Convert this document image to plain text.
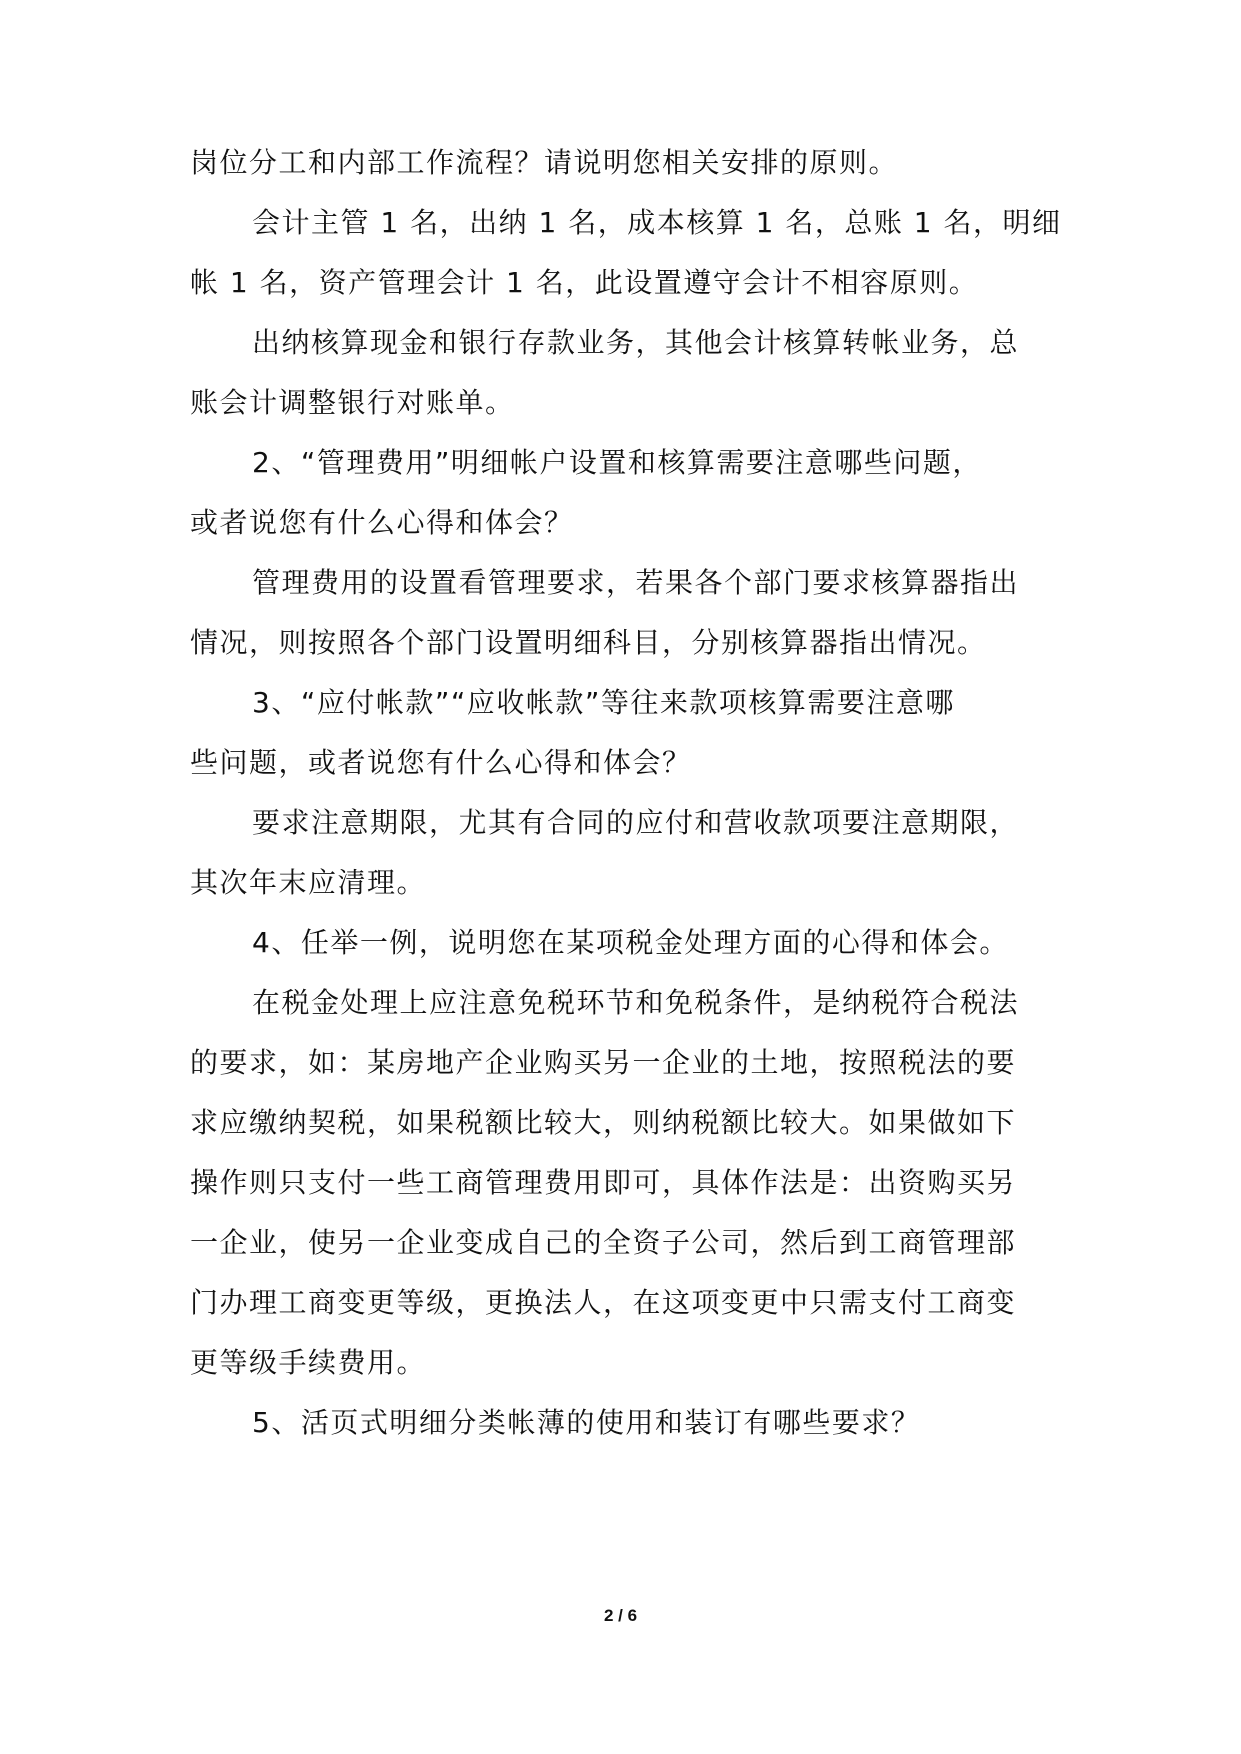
岗位分工和内部工作流程？请说明您相关安排的原则。
会计主管 1 名，出纳 1 名，成本核算 1 名，总账 1 名，明细
帐 1 名，资产管理会计 1 名，此设置遵守会计不相容原则。
出纳核算现金和银行存款业务，其他会计核算转帐业务，总
账会计调整银行对账单。
2、“管理费用”明细帐户设置和核算需要注意哪些问题，
或者说您有什么心得和体会？
管理费用的设置看管理要求，若果各个部门要求核算器指出
情况，则按照各个部门设置明细科目，分别核算器指出情况。
3、“应付帐款”“应收帐款”等往来款项核算需要注意哪
些问题，或者说您有什么心得和体会？
要求注意期限，尤其有合同的应付和营收款项要注意期限，
其次年末应清理。
4、任举一例，说明您在某项税金处理方面的心得和体会。
在税金处理上应注意免税环节和免税条件，是纳税符合税法
的要求，如：某房地产企业购买另一企业的土地，按照税法的要
求应缴纳契税，如果税额比较大，则纳税额比较大。如果做如下
操作则只支付一些工商管理费用即可，具体作法是：出资购买另
一企业，使另一企业变成自己的全资子公司，然后到工商管理部
门办理工商变更等级，更换法人，在这项变更中只需支付工商变
更等级手续费用。
5、活页式明细分类帐薄的使用和装订有哪些要求？
2 / 6
